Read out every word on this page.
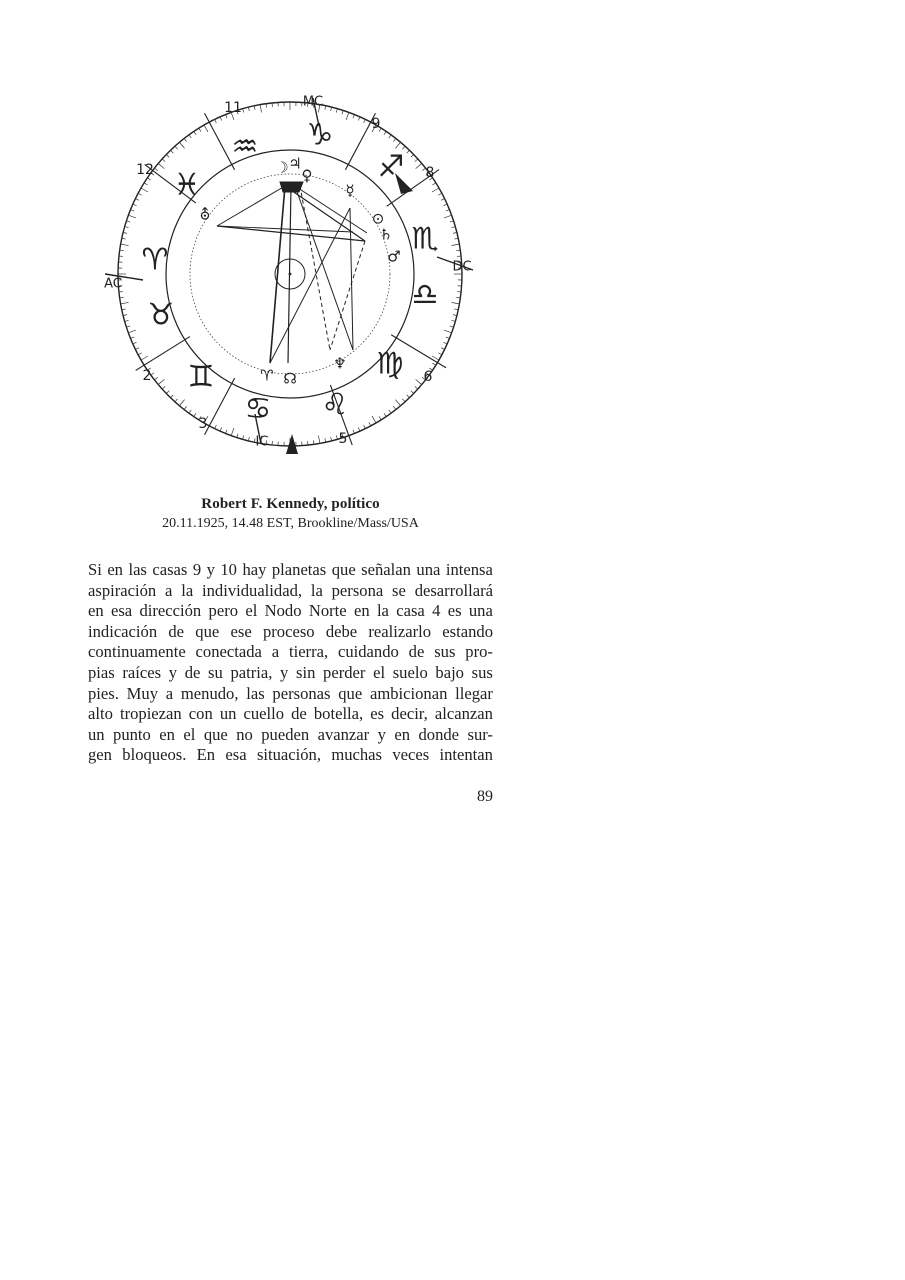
11
9
8
12
6
2
3
5
MC
DC
AC
IC
♒ ♑
♐
♓
♏
♈
♎
♉
♍
♊
♋ ♌
☽ ♃
♀
☿
⊙
♄
♂
♆
♈ ☊
⛢
Robert F. Kennedy, político
20.11.1925, 14.48 EST, Brookline/Mass/USA
Si en las casas 9 y 10 hay planetas que señalan una intensa
aspiración a la individualidad, la persona se desarrollará
en esa dirección pero el Nodo Norte en la casa 4 es una
indicación de que ese proceso debe realizarlo estando
continuamente conectada a tierra, cuidando de sus pro-
pias raíces y de su patria, y sin perder el suelo bajo sus
pies. Muy a menudo, las personas que ambicionan llegar
alto tropiezan con un cuello de botella, es decir, alcanzan
un punto en el que no pueden avanzar y en donde sur-
gen bloqueos. En esa situación, muchas veces intentan
89
